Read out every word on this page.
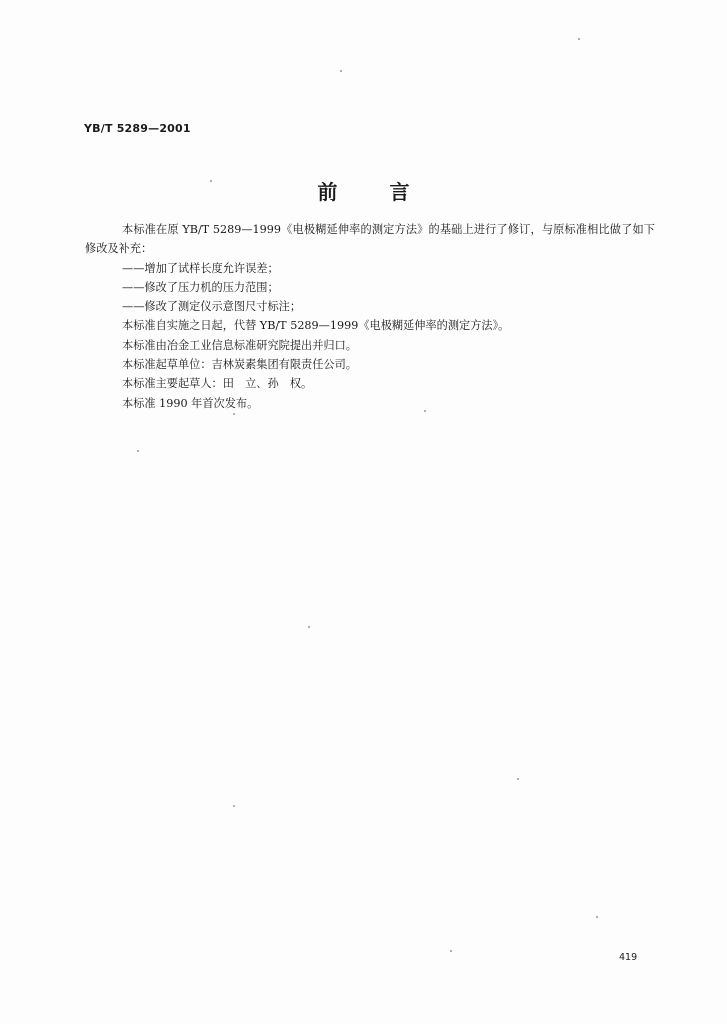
YB/T 5289—2001
前言

本标准在原 YB/T 5289—1999《电极糊延伸率的测定方法》的基础上进行了修订，与原标准相比做了如下修改及补充：

——增加了试样长度允许误差；

——修改了压力机的压力范围；

——修改了测定仪示意图尺寸标注；

本标准自实施之日起，代替 YB/T 5289—1999《电极糊延伸率的测定方法》。

本标准由冶金工业信息标准研究院提出并归口。

本标准起草单位：吉林炭素集团有限责任公司。

本标准主要起草人：田　立、孙　权。

本标准 1990 年首次发布。

419
